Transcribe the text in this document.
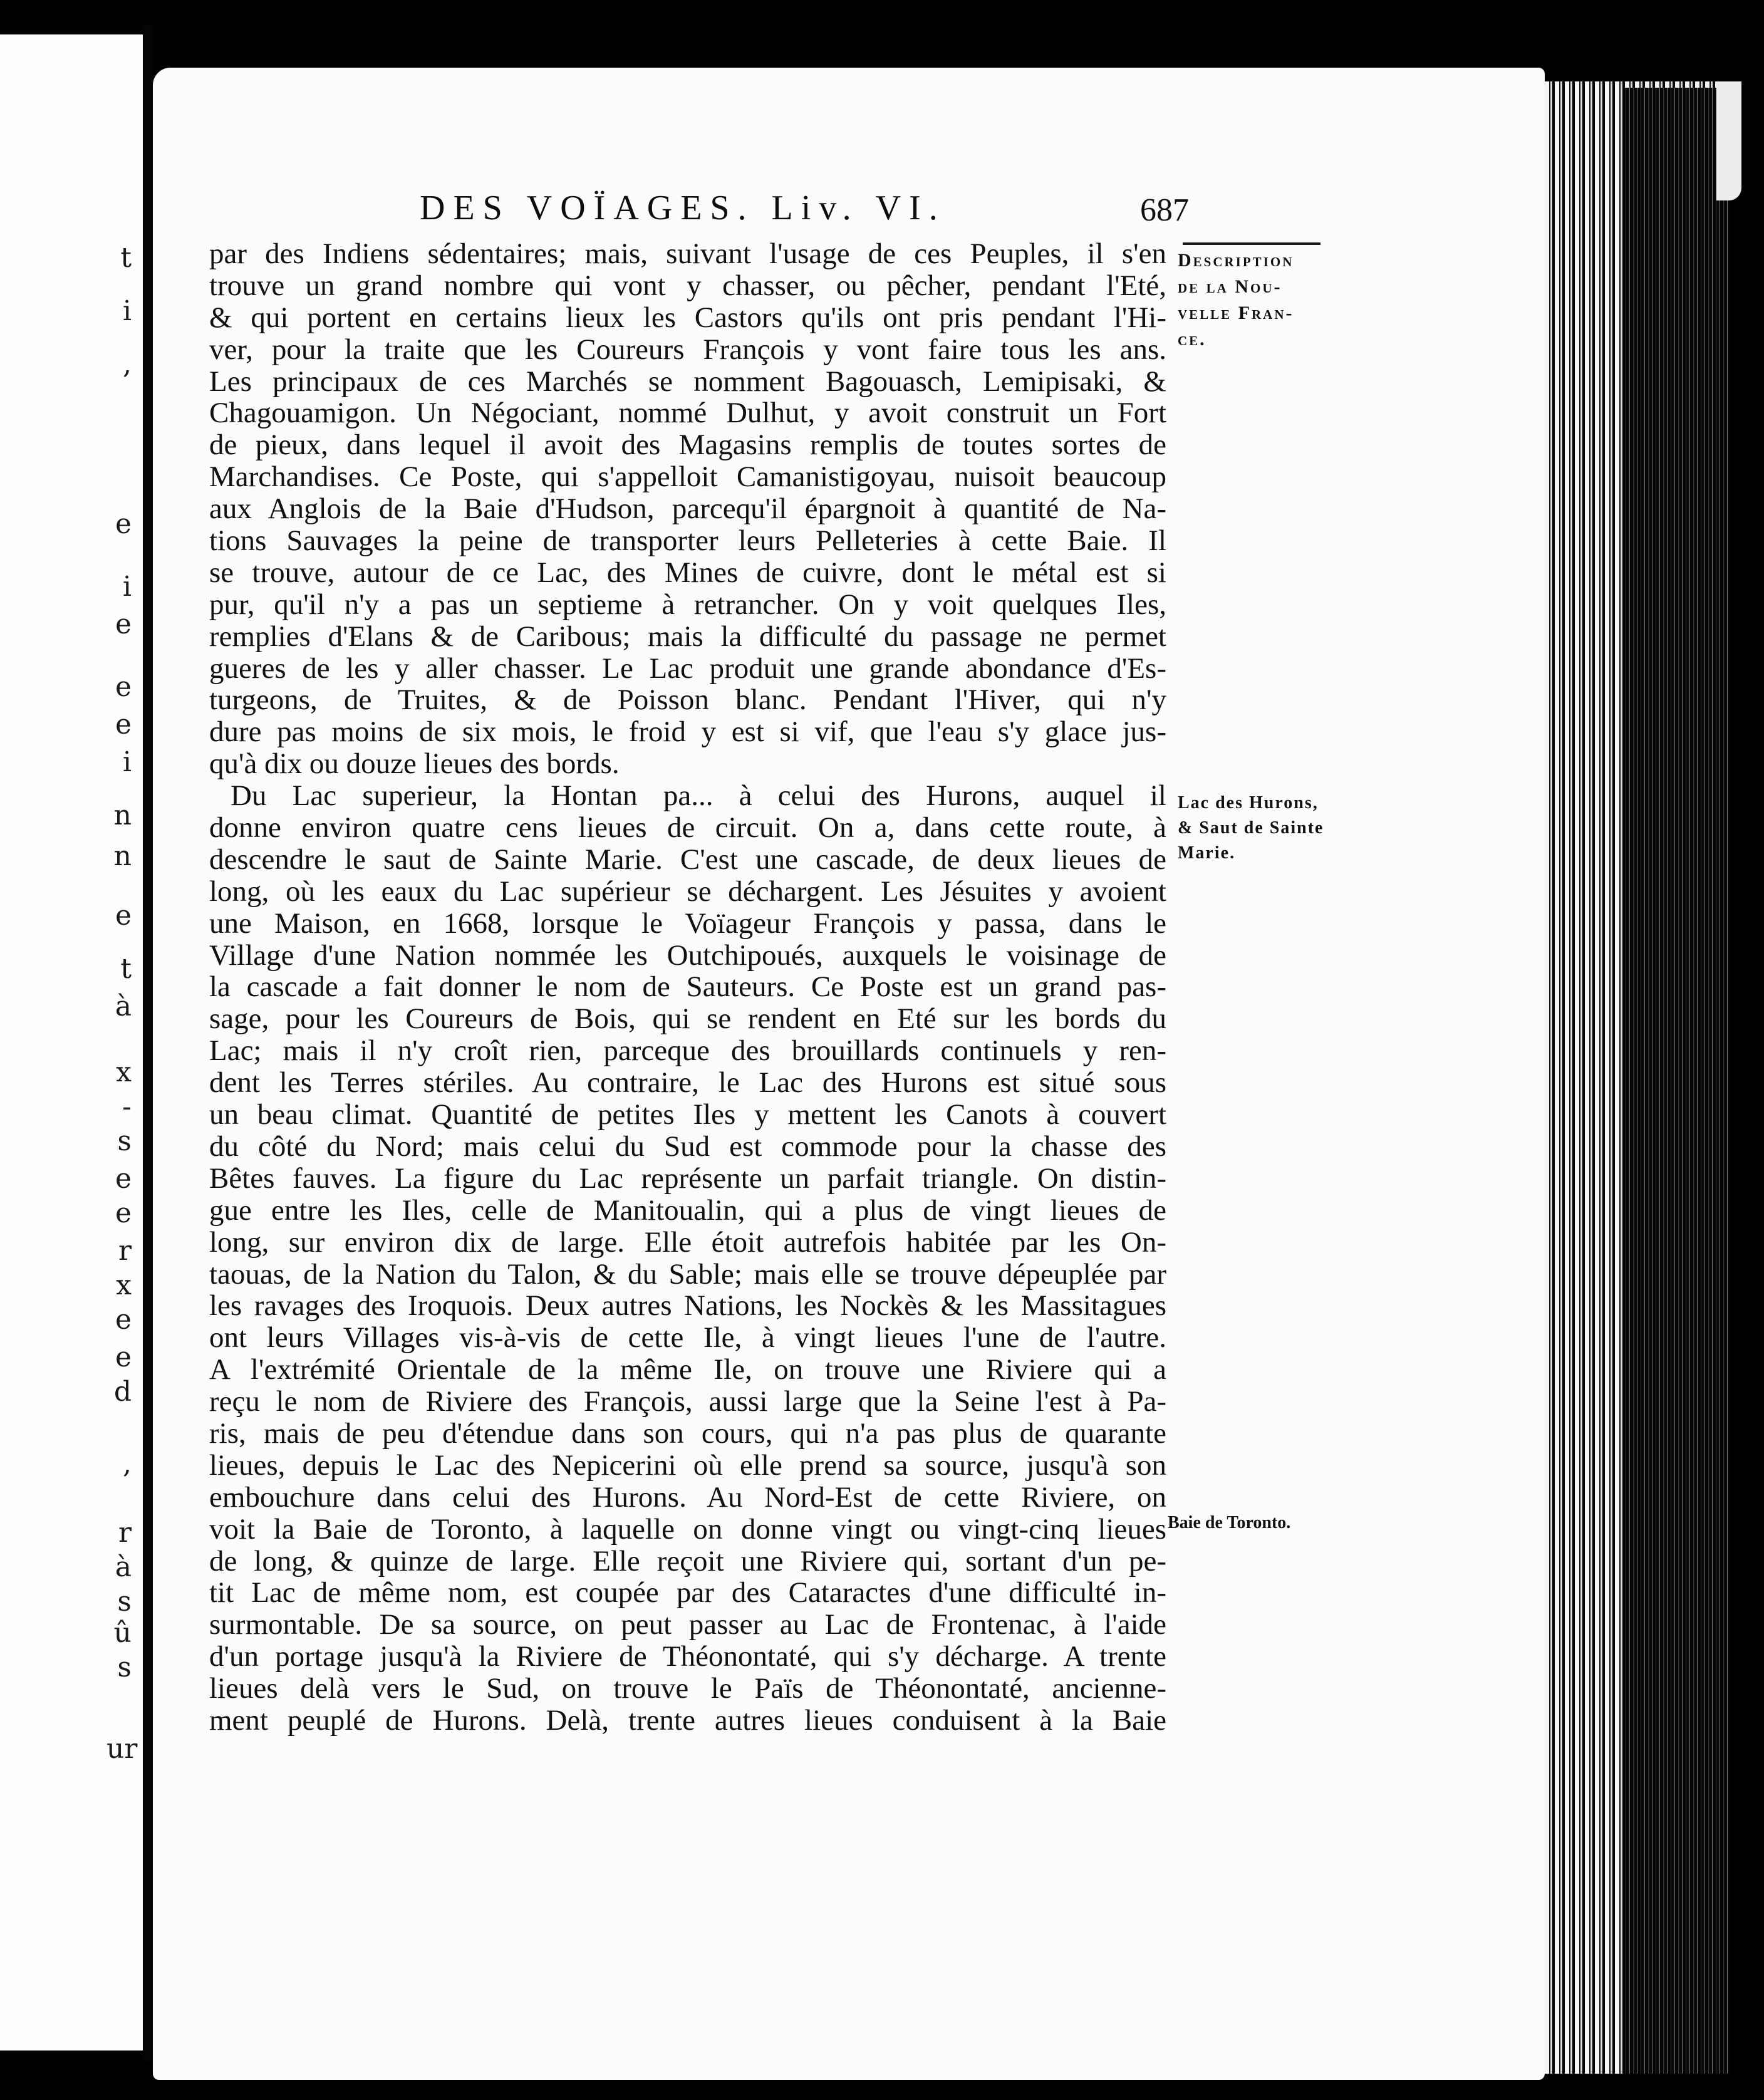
t
i
,
e
i
e
e
e
i
n
n
e
t
à
x
-
s
e
e
r
x
e
e
d
,
r
à
s
û
s
ur
DES VOÏAGES. Liv. VI.	687
Description
de la Nou-
velle Fran-
ce.
Lac des Hurons,
& Saut de Sainte
Marie.
Baie de Toronto.
par des Indiens sédentaires; mais, suivant l'usage de ces Peuples, il s'en
trouve un grand nombre qui vont y chasser, ou pêcher, pendant l'Eté,
& qui portent en certains lieux les Castors qu'ils ont pris pendant l'Hi-
ver, pour la traite que les Coureurs François y vont faire tous les ans.
Les principaux de ces Marchés se nomment Bagouasch, Lemipisaki, &
Chagouamigon. Un Négociant, nommé Dulhut, y avoit construit un Fort
de pieux, dans lequel il avoit des Magasins remplis de toutes sortes de
Marchandises. Ce Poste, qui s'appelloit Camanistigoyau, nuisoit beaucoup
aux Anglois de la Baie d'Hudson, parcequ'il épargnoit à quantité de Na-
tions Sauvages la peine de transporter leurs Pelleteries à cette Baie. Il
se trouve, autour de ce Lac, des Mines de cuivre, dont le métal est si
pur, qu'il n'y a pas un septieme à retrancher. On y voit quelques Iles,
remplies d'Elans & de Caribous; mais la difficulté du passage ne permet
gueres de les y aller chasser. Le Lac produit une grande abondance d'Es-
turgeons, de Truites, & de Poisson blanc. Pendant l'Hiver, qui n'y
dure pas moins de six mois, le froid y est si vif, que l'eau s'y glace jus-
qu'à dix ou douze lieues des bords.
Du Lac superieur, la Hontan pa... à celui des Hurons, auquel il
donne environ quatre cens lieues de circuit. On a, dans cette route, à
descendre le saut de Sainte Marie. C'est une cascade, de deux lieues de
long, où les eaux du Lac supérieur se déchargent. Les Jésuites y avoient
une Maison, en 1668, lorsque le Voïageur François y passa, dans le
Village d'une Nation nommée les Outchipoués, auxquels le voisinage de
la cascade a fait donner le nom de Sauteurs. Ce Poste est un grand pas-
sage, pour les Coureurs de Bois, qui se rendent en Eté sur les bords du
Lac; mais il n'y croît rien, parceque des brouillards continuels y ren-
dent les Terres stériles. Au contraire, le Lac des Hurons est situé sous
un beau climat. Quantité de petites Iles y mettent les Canots à couvert
du côté du Nord; mais celui du Sud est commode pour la chasse des
Bêtes fauves. La figure du Lac représente un parfait triangle. On distin-
gue entre les Iles, celle de Manitoualin, qui a plus de vingt lieues de
long, sur environ dix de large. Elle étoit autrefois habitée par les On-
taouas, de la Nation du Talon, & du Sable; mais elle se trouve dépeuplée par
les ravages des Iroquois. Deux autres Nations, les Nockès & les Massitagues
ont leurs Villages vis-à-vis de cette Ile, à vingt lieues l'une de l'autre.
A l'extrémité Orientale de la même Ile, on trouve une Riviere qui a
reçu le nom de Riviere des François, aussi large que la Seine l'est à Pa-
ris, mais de peu d'étendue dans son cours, qui n'a pas plus de quarante
lieues, depuis le Lac des Nepicerini où elle prend sa source, jusqu'à son
embouchure dans celui des Hurons. Au Nord-Est de cette Riviere, on
voit la Baie de Toronto, à laquelle on donne vingt ou vingt-cinq lieues
de long, & quinze de large. Elle reçoit une Riviere qui, sortant d'un pe-
tit Lac de même nom, est coupée par des Cataractes d'une difficulté in-
surmontable. De sa source, on peut passer au Lac de Frontenac, à l'aide
d'un portage jusqu'à la Riviere de Théonontaté, qui s'y décharge. A trente
lieues delà vers le Sud, on trouve le Païs de Théonontaté, ancienne-
ment peuplé de Hurons. Delà, trente autres lieues conduisent à la Baie
